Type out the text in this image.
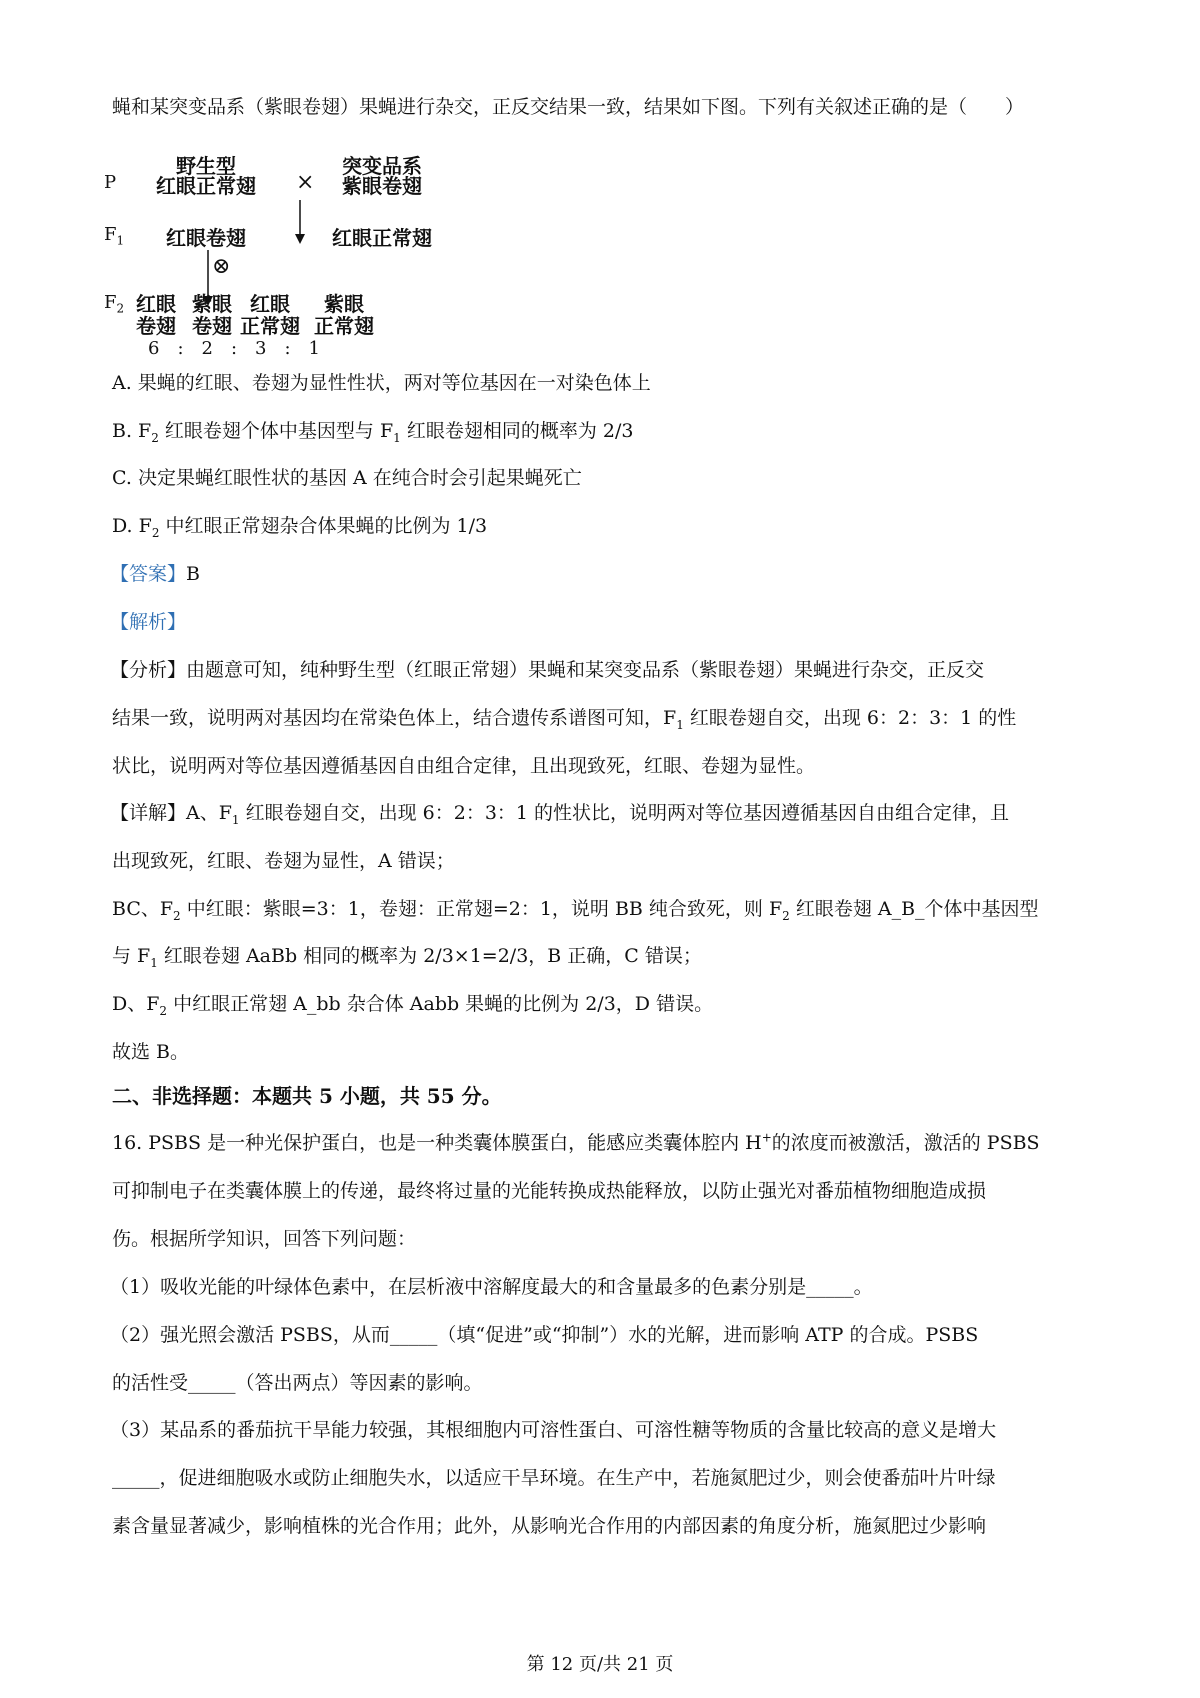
蝇和某突变品系（紫眼卷翅）果蝇进行杂交，正反交结果一致，结果如下图。下列有关叙述正确的是（　　）
野生型	突变品系
P 红眼正常翅 × 紫眼卷翅
$F_1$ 红眼卷翅	红眼正常翅
⊗
$F_2$ 红眼
卷翅
紫眼
卷翅
红眼
正常翅
紫眼
正常翅
6　:　2　:　3　:　1
A. 果蝇的红眼、卷翅为显性性状，两对等位基因在一对染色体上
B. $F_2$ 红眼卷翅个体中基因型与 $F_1$ 红眼卷翅相同的概率为 2/3
C. 决定果蝇红眼性状的基因 A 在纯合时会引起果蝇死亡
D. $F_2$ 中红眼正常翅杂合体果蝇的比例为 1/3
【答案】B
【解析】
【分析】由题意可知，纯种野生型（红眼正常翅）果蝇和某突变品系（紫眼卷翅）果蝇进行杂交，正反交
结果一致，说明两对基因均在常染色体上，结合遗传系谱图可知，$F_1$ 红眼卷翅自交，出现 6：2：3：1 的性
状比，说明两对等位基因遵循基因自由组合定律，且出现致死，红眼、卷翅为显性。
【详解】A、$F_1$ 红眼卷翅自交，出现 6：2：3：1 的性状比，说明两对等位基因遵循基因自由组合定律，且
出现致死，红眼、卷翅为显性，A 错误；
BC、$F_2$ 中红眼：紫眼=3：1，卷翅：正常翅=2：1，说明 BB 纯合致死，则 $F_2$ 红眼卷翅 A_B_个体中基因型
与 $F_1$ 红眼卷翅 AaBb 相同的概率为 2/3×1=2/3，B 正确，C 错误；
D、$F_2$ 中红眼正常翅 A_bb 杂合体 Aabb 果蝇的比例为 2/3，D 错误。
故选 B。
二、非选择题：本题共 5 小题，共 55 分。
16. PSBS 是一种光保护蛋白，也是一种类囊体膜蛋白，能感应类囊体腔内 H+的浓度而被激活，激活的 PSBS
可抑制电子在类囊体膜上的传递，最终将过量的光能转换成热能释放，以防止强光对番茄植物细胞造成损
伤。根据所学知识，回答下列问题：
（1）吸收光能的叶绿体色素中，在层析液中溶解度最大的和含量最多的色素分别是_____。
（2）强光照会激活 PSBS，从而_____（填“促进”或“抑制”）水的光解，进而影响 ATP 的合成。PSBS
的活性受_____（答出两点）等因素的影响。
（3）某品系的番茄抗干旱能力较强，其根细胞内可溶性蛋白、可溶性糖等物质的含量比较高的意义是增大
_____，促进细胞吸水或防止细胞失水，以适应干旱环境。在生产中，若施氮肥过少，则会使番茄叶片叶绿
素含量显著减少，影响植株的光合作用；此外，从影响光合作用的内部因素的角度分析，施氮肥过少影响
第 12 页/共 21 页
